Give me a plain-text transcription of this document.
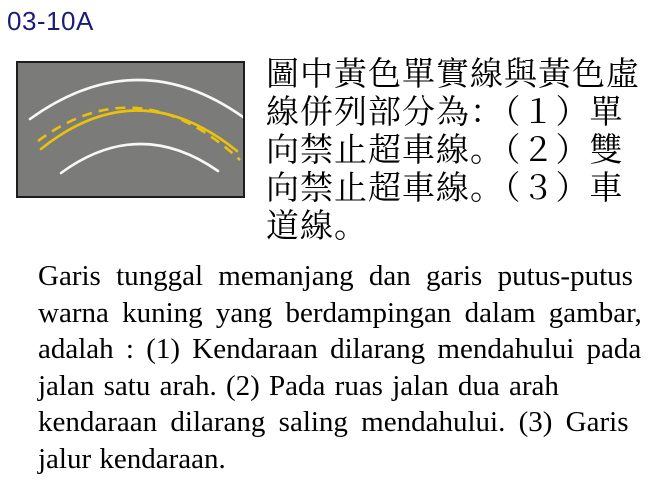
03-10A
圖中黃色單實線與黃色虛
線併列部分為：（１）單
向禁止超車線。（２）雙
向禁止超車線。（３）車
道線。
Garis tunggal memanjang dan garis putus-putus
warna kuning yang berdampingan dalam gambar,
adalah : (1) Kendaraan dilarang mendahului pada
jalan satu arah. (2) Pada ruas jalan dua arah
kendaraan dilarang saling mendahului. (3) Garis
jalur kendaraan.
